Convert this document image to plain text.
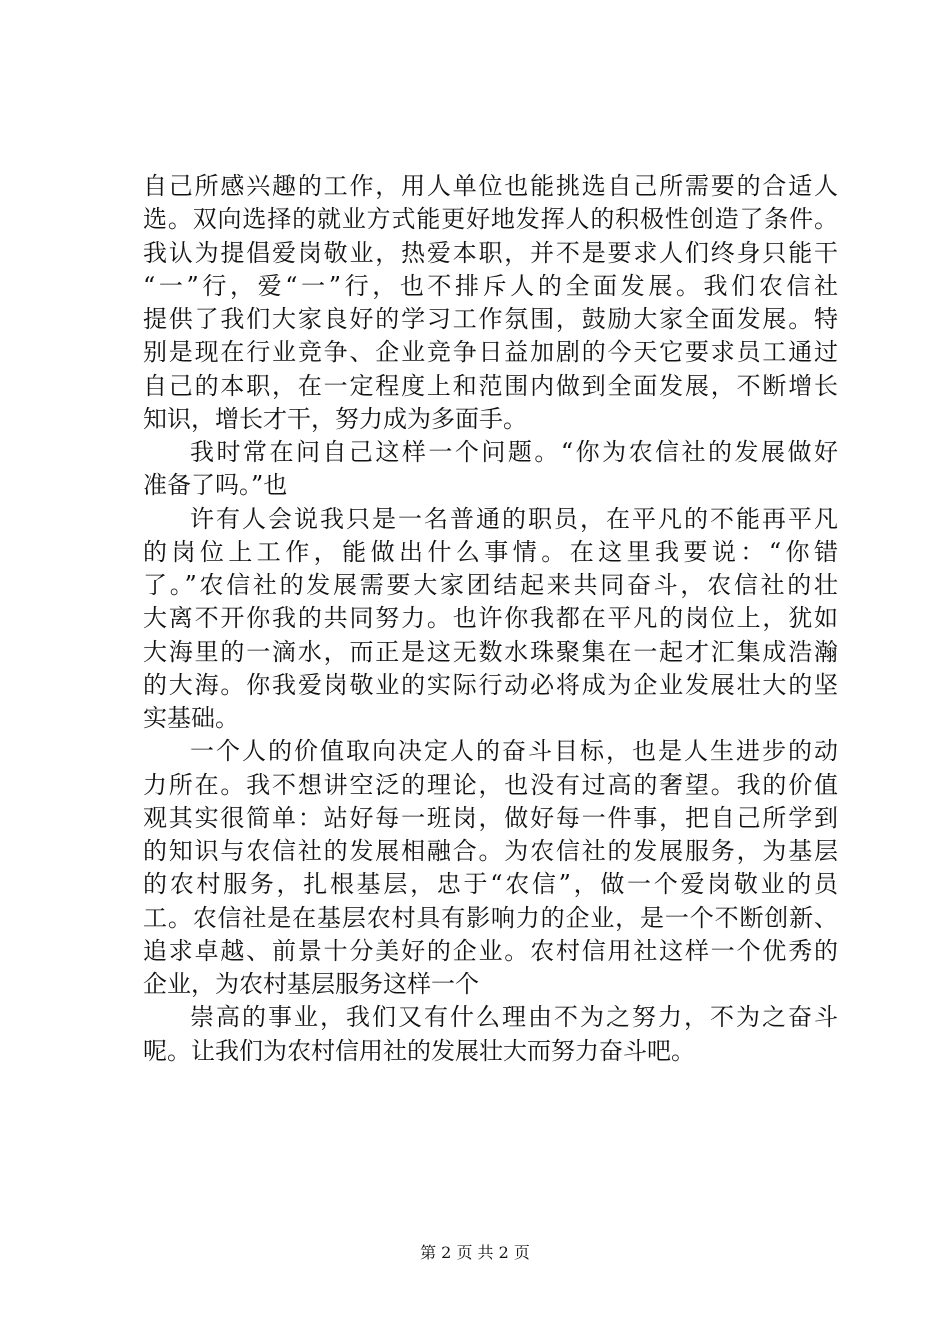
自己所感兴趣的工作，用人单位也能挑选自己所需要的合适人
选。双向选择的就业方式能更好地发挥人的积极性创造了条件。
我认为提倡爱岗敬业，热爱本职，并不是要求人们终身只能干
“一”行，爱“一”行，也不排斥人的全面发展。我们农信社
提供了我们大家良好的学习工作氛围，鼓励大家全面发展。特
别是现在行业竞争、企业竞争日益加剧的今天它要求员工通过
自己的本职，在一定程度上和范围内做到全面发展，不断增长
知识，增长才干，努力成为多面手。
我时常在问自己这样一个问题。“你为农信社的发展做好
准备了吗。”也
许有人会说我只是一名普通的职员，在平凡的不能再平凡
的岗位上工作，能做出什么事情。在这里我要说：“你错
了。”农信社的发展需要大家团结起来共同奋斗，农信社的壮
大离不开你我的共同努力。也许你我都在平凡的岗位上，犹如
大海里的一滴水，而正是这无数水珠聚集在一起才汇集成浩瀚
的大海。你我爱岗敬业的实际行动必将成为企业发展壮大的坚
实基础。
一个人的价值取向决定人的奋斗目标，也是人生进步的动
力所在。我不想讲空泛的理论，也没有过高的奢望。我的价值
观其实很简单：站好每一班岗，做好每一件事，把自己所学到
的知识与农信社的发展相融合。为农信社的发展服务，为基层
的农村服务，扎根基层，忠于“农信”，做一个爱岗敬业的员
工。农信社是在基层农村具有影响力的企业，是一个不断创新、
追求卓越、前景十分美好的企业。农村信用社这样一个优秀的
企业，为农村基层服务这样一个
崇高的事业，我们又有什么理由不为之努力，不为之奋斗
呢。让我们为农村信用社的发展壮大而努力奋斗吧。
第 2 页 共 2 页
